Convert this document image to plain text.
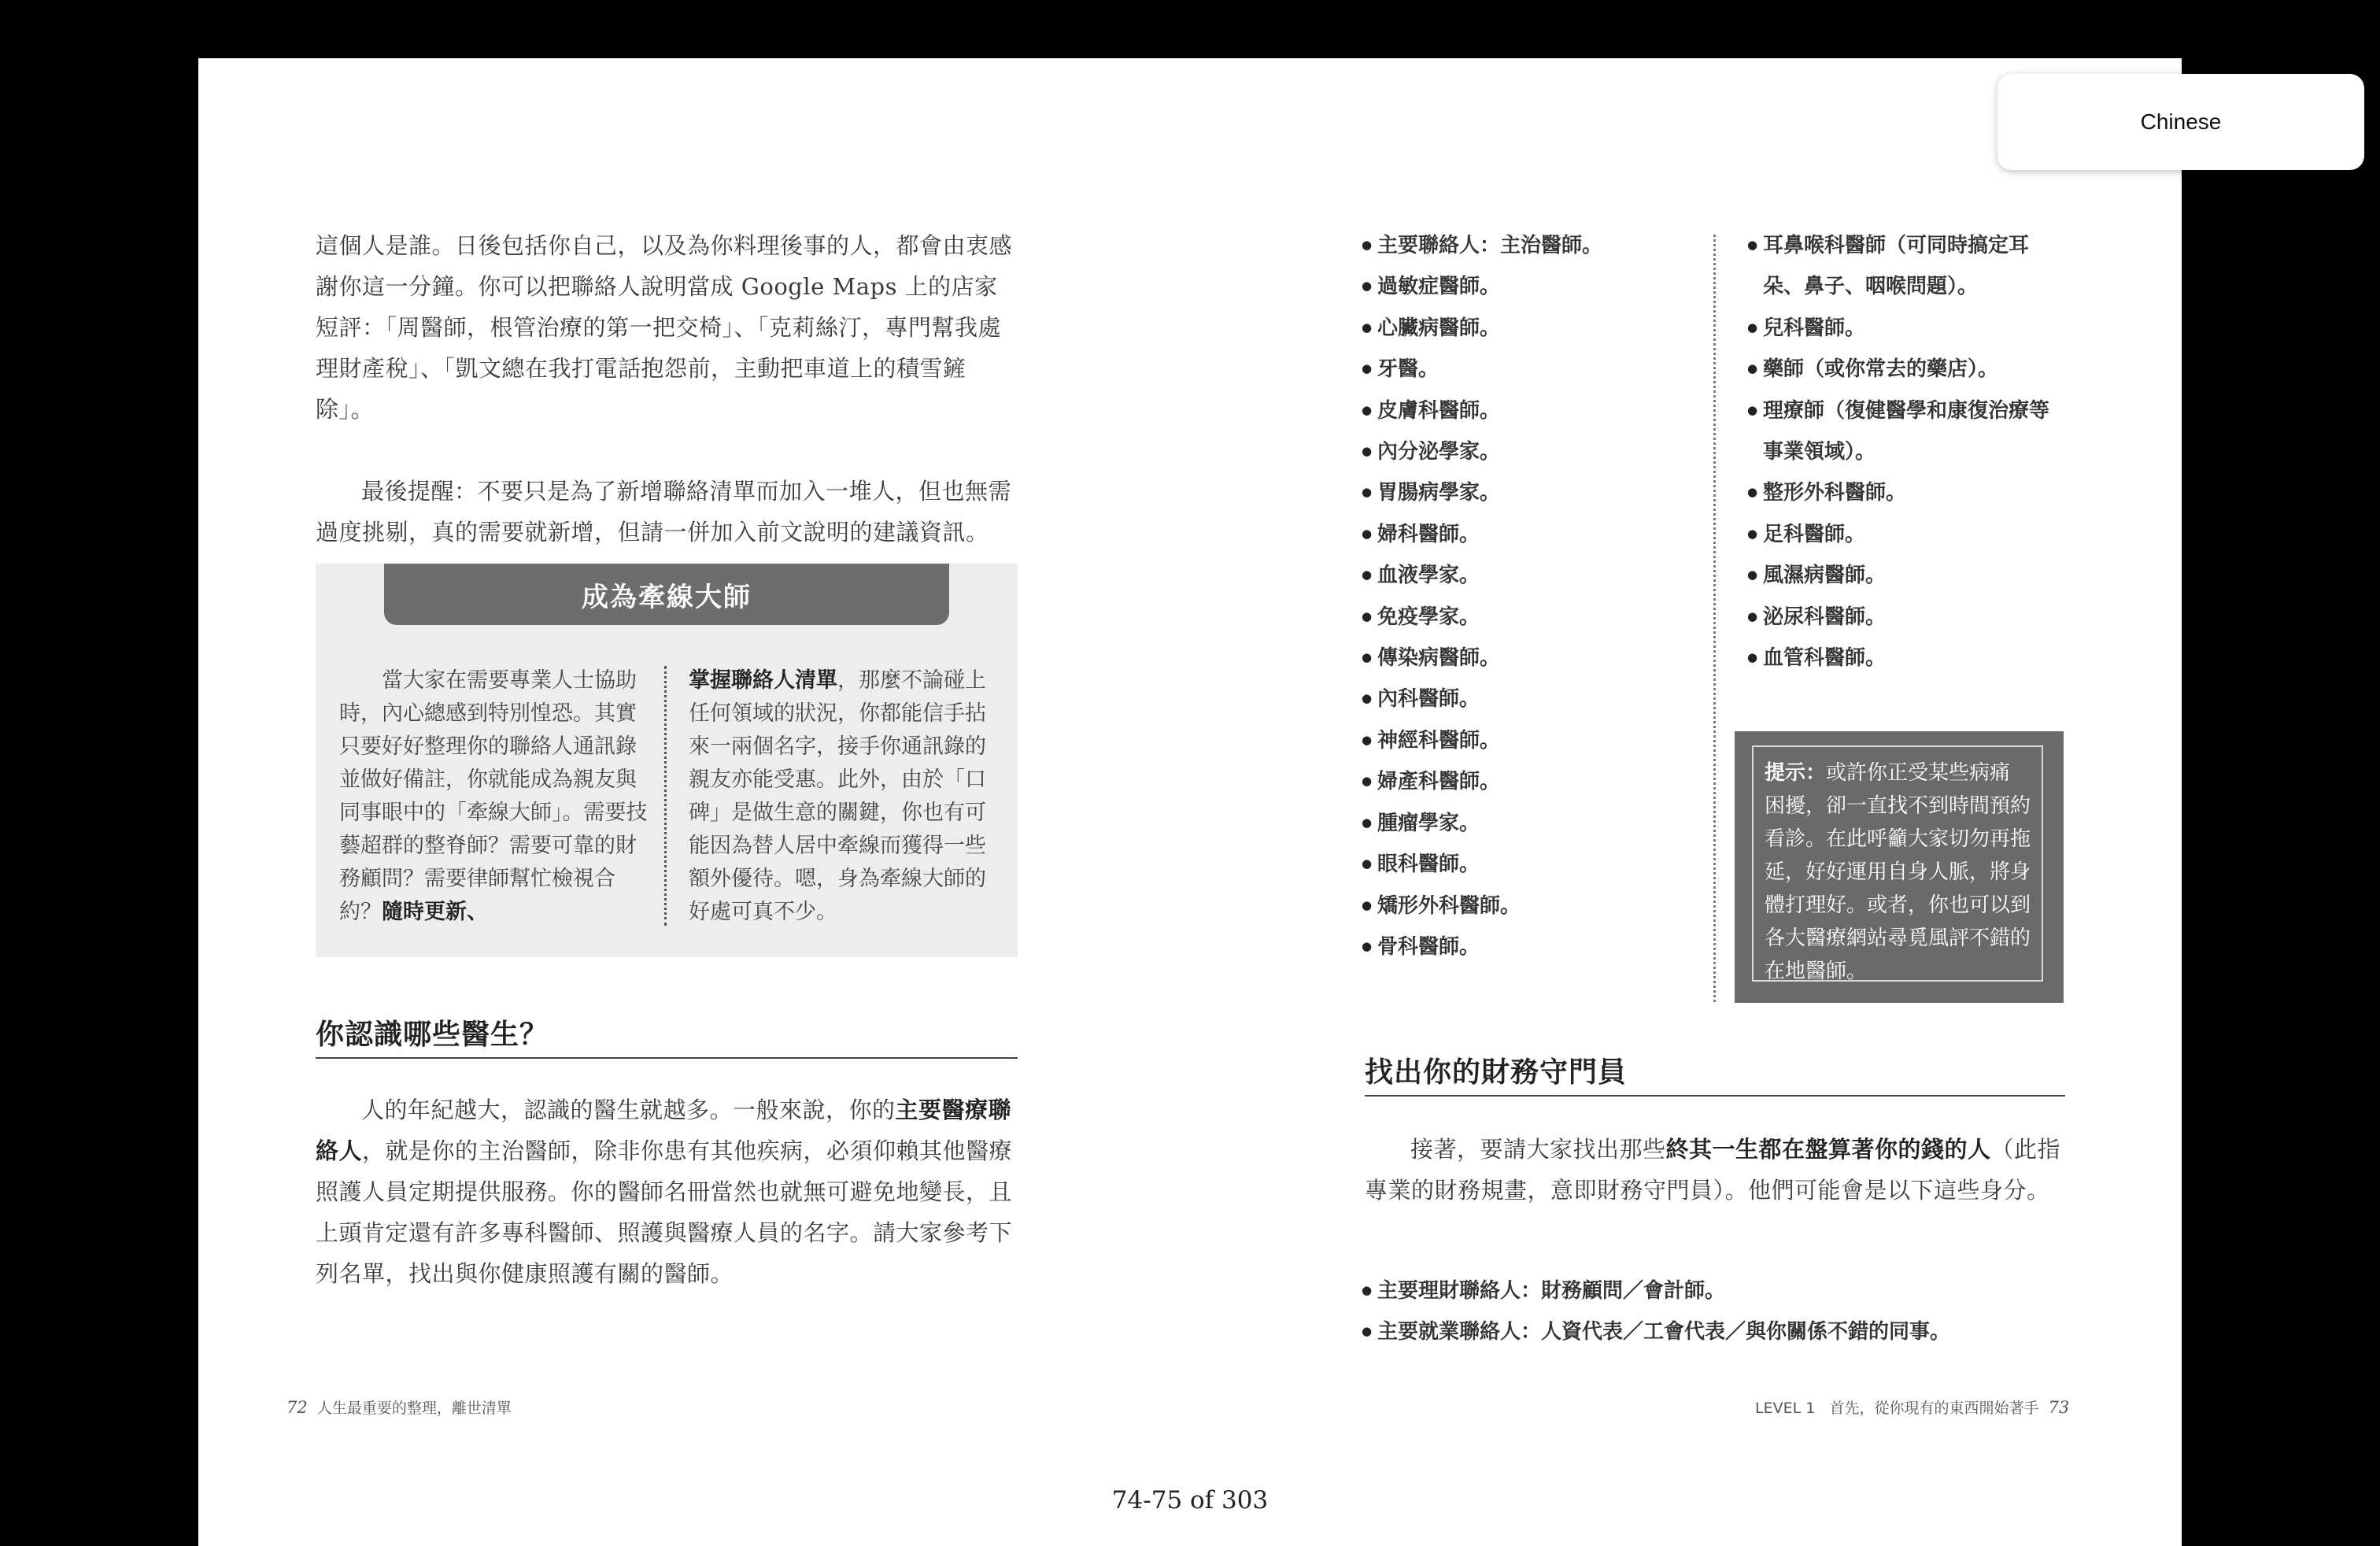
這個人是誰。日後包括你自己，以及為你料理後事的人，都會由衷感謝你這一分鐘。你可以把聯絡人說明當成 Google Maps 上的店家短評：「周醫師，根管治療的第一把交椅」、「克莉絲汀，專門幫我處理財產稅」、「凱文總在我打電話抱怨前，主動把車道上的積雪鏟除」。

最後提醒：不要只是為了新增聯絡清單而加入一堆人，但也無需過度挑剔，真的需要就新增，但請一併加入前文說明的建議資訊。

成為牽線大師

當大家在需要專業人士協助時，內心總感到特別惶恐。其實只要好好整理你的聯絡人通訊錄並做好備註，你就能成為親友與同事眼中的「牽線大師」。需要技藝超群的整脊師？需要可靠的財務顧問？需要律師幫忙檢視合約？隨時更新、

掌握聯絡人清單，那麼不論碰上任何領域的狀況，你都能信手拈來一兩個名字，接手你通訊錄的親友亦能受惠。此外，由於「口碑」是做生意的關鍵，你也有可能因為替人居中牽線而獲得一些額外優待。嗯，身為牽線大師的好處可真不少。

你認識哪些醫生？

人的年紀越大，認識的醫生就越多。一般來說，你的主要醫療聯絡人，就是你的主治醫師，除非你患有其他疾病，必須仰賴其他醫療照護人員定期提供服務。你的醫師名冊當然也就無可避免地變長，且上頭肯定還有許多專科醫師、照護與醫療人員的名字。請大家參考下列名單，找出與你健康照護有關的醫師。

72 人生最重要的整理，離世清單
● 主要聯絡人：主治醫師。
● 過敏症醫師。
● 心臟病醫師。
● 牙醫。
● 皮膚科醫師。
● 內分泌學家。
● 胃腸病學家。
● 婦科醫師。
● 血液學家。
● 免疫學家。
● 傳染病醫師。
● 內科醫師。
● 神經科醫師。
● 婦產科醫師。
● 腫瘤學家。
● 眼科醫師。
● 矯形外科醫師。
● 骨科醫師。
● 耳鼻喉科醫師（可同時搞定耳
朵、鼻子、咽喉問題）。
● 兒科醫師。
● 藥師（或你常去的藥店）。
● 理療師（復健醫學和康復治療等
事業領域）。
● 整形外科醫師。
● 足科醫師。
● 風濕病醫師。
● 泌尿科醫師。
● 血管科醫師。
提示：或許你正受某些病痛困擾，卻一直找不到時間預約看診。在此呼籲大家切勿再拖延，好好運用自身人脈，將身體打理好。或者，你也可以到各大醫療網站尋覓風評不錯的在地醫師。
找出你的財務守門員

接著，要請大家找出那些終其一生都在盤算著你的錢的人（此指專業的財務規畫，意即財務守門員）。他們可能會是以下這些身分。

● 主要理財聯絡人：財務顧問／會計師。
● 主要就業聯絡人：人資代表／工會代表／與你關係不錯的同事。
LEVEL 1 首先，從你現有的東西開始著手 73
74-75 of 303
Chinese
